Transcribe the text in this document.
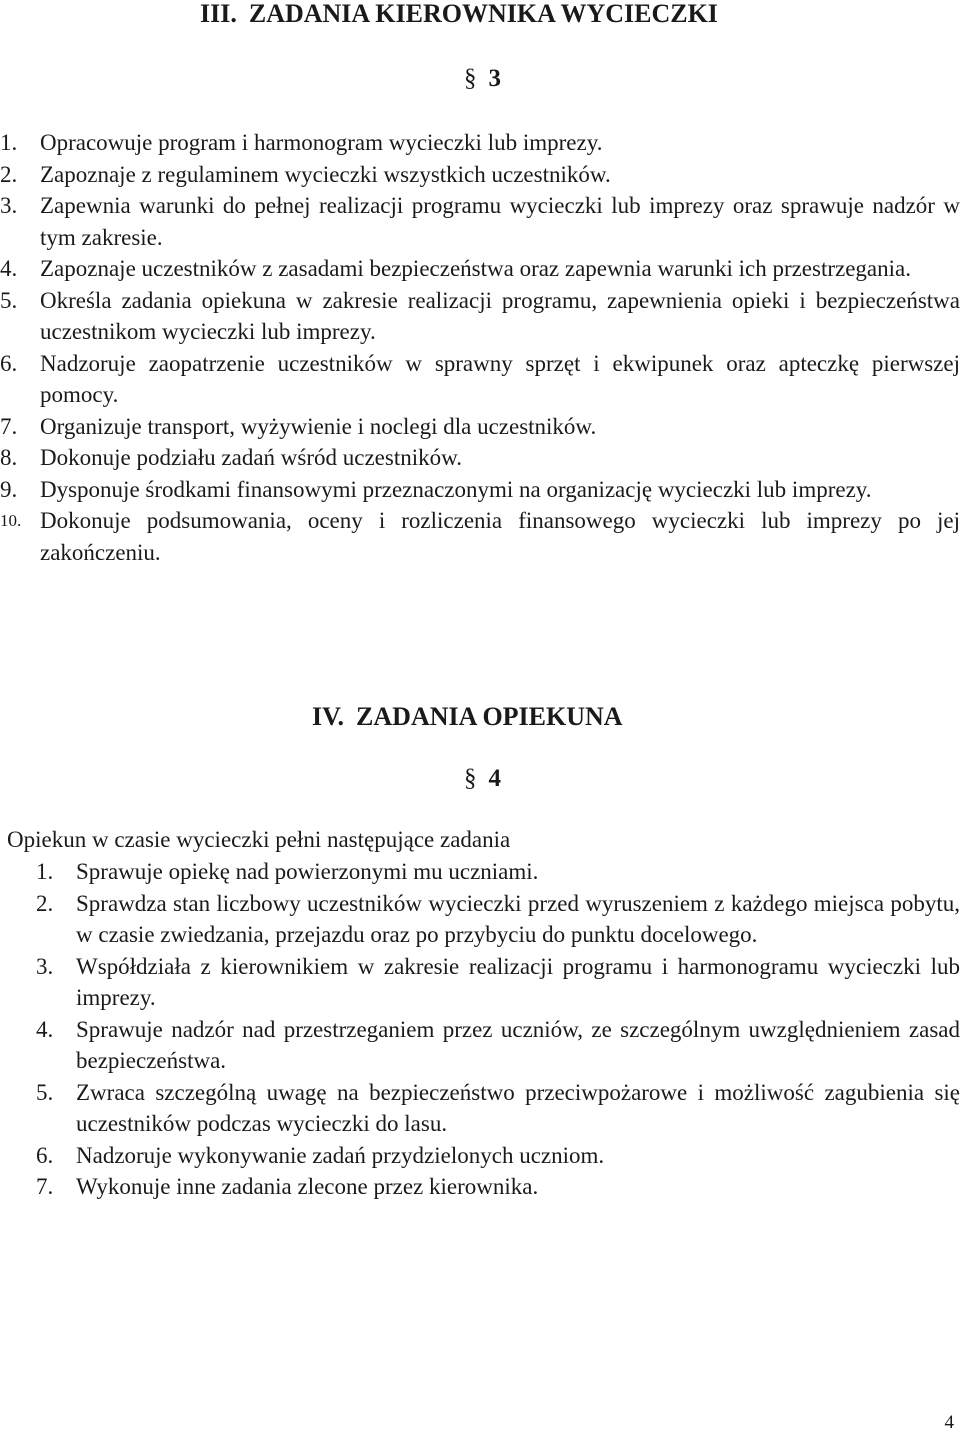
III. ZADANIA KIEROWNIKA WYCIECZKI

§ 3

1. Opracowuje program i harmonogram wycieczki lub imprezy.
2. Zapoznaje z regulaminem wycieczki wszystkich uczestników.
3. Zapewnia warunki do pełnej realizacji programu wycieczki lub imprezy oraz sprawuje nadzór w tym zakresie.
4. Zapoznaje uczestników z zasadami bezpieczeństwa oraz zapewnia warunki ich przestrzegania.
5. Określa zadania opiekuna w zakresie realizacji programu, zapewnienia opieki i bezpieczeństwa uczestnikom wycieczki lub imprezy.
6. Nadzoruje zaopatrzenie uczestników w sprawny sprzęt i ekwipunek oraz apteczkę pierwszej pomocy.
7. Organizuje transport, wyżywienie i noclegi dla uczestników.
8. Dokonuje podziału zadań wśród uczestników.
9. Dysponuje środkami finansowymi przeznaczonymi na organizację wycieczki lub imprezy.
10. Dokonuje podsumowania, oceny i rozliczenia finansowego wycieczki lub imprezy po jej zakończeniu.
IV. ZADANIA OPIEKUNA

§ 4

Opiekun w czasie wycieczki pełni następujące zadania

1. Sprawuje opiekę nad powierzonymi mu uczniami.
2. Sprawdza stan liczbowy uczestników wycieczki przed wyruszeniem z każdego miejsca pobytu, w czasie zwiedzania, przejazdu oraz po przybyciu do punktu docelowego.
3. Współdziała z kierownikiem w zakresie realizacji programu i harmonogramu wycieczki lub imprezy.
4. Sprawuje nadzór nad przestrzeganiem przez uczniów, ze szczególnym uwzględnieniem zasad bezpieczeństwa.
5. Zwraca szczególną uwagę na bezpieczeństwo przeciwpożarowe i możliwość zagubienia się uczestników podczas wycieczki do lasu.
6. Nadzoruje wykonywanie zadań przydzielonych uczniom.
7. Wykonuje inne zadania zlecone przez kierownika.

4
